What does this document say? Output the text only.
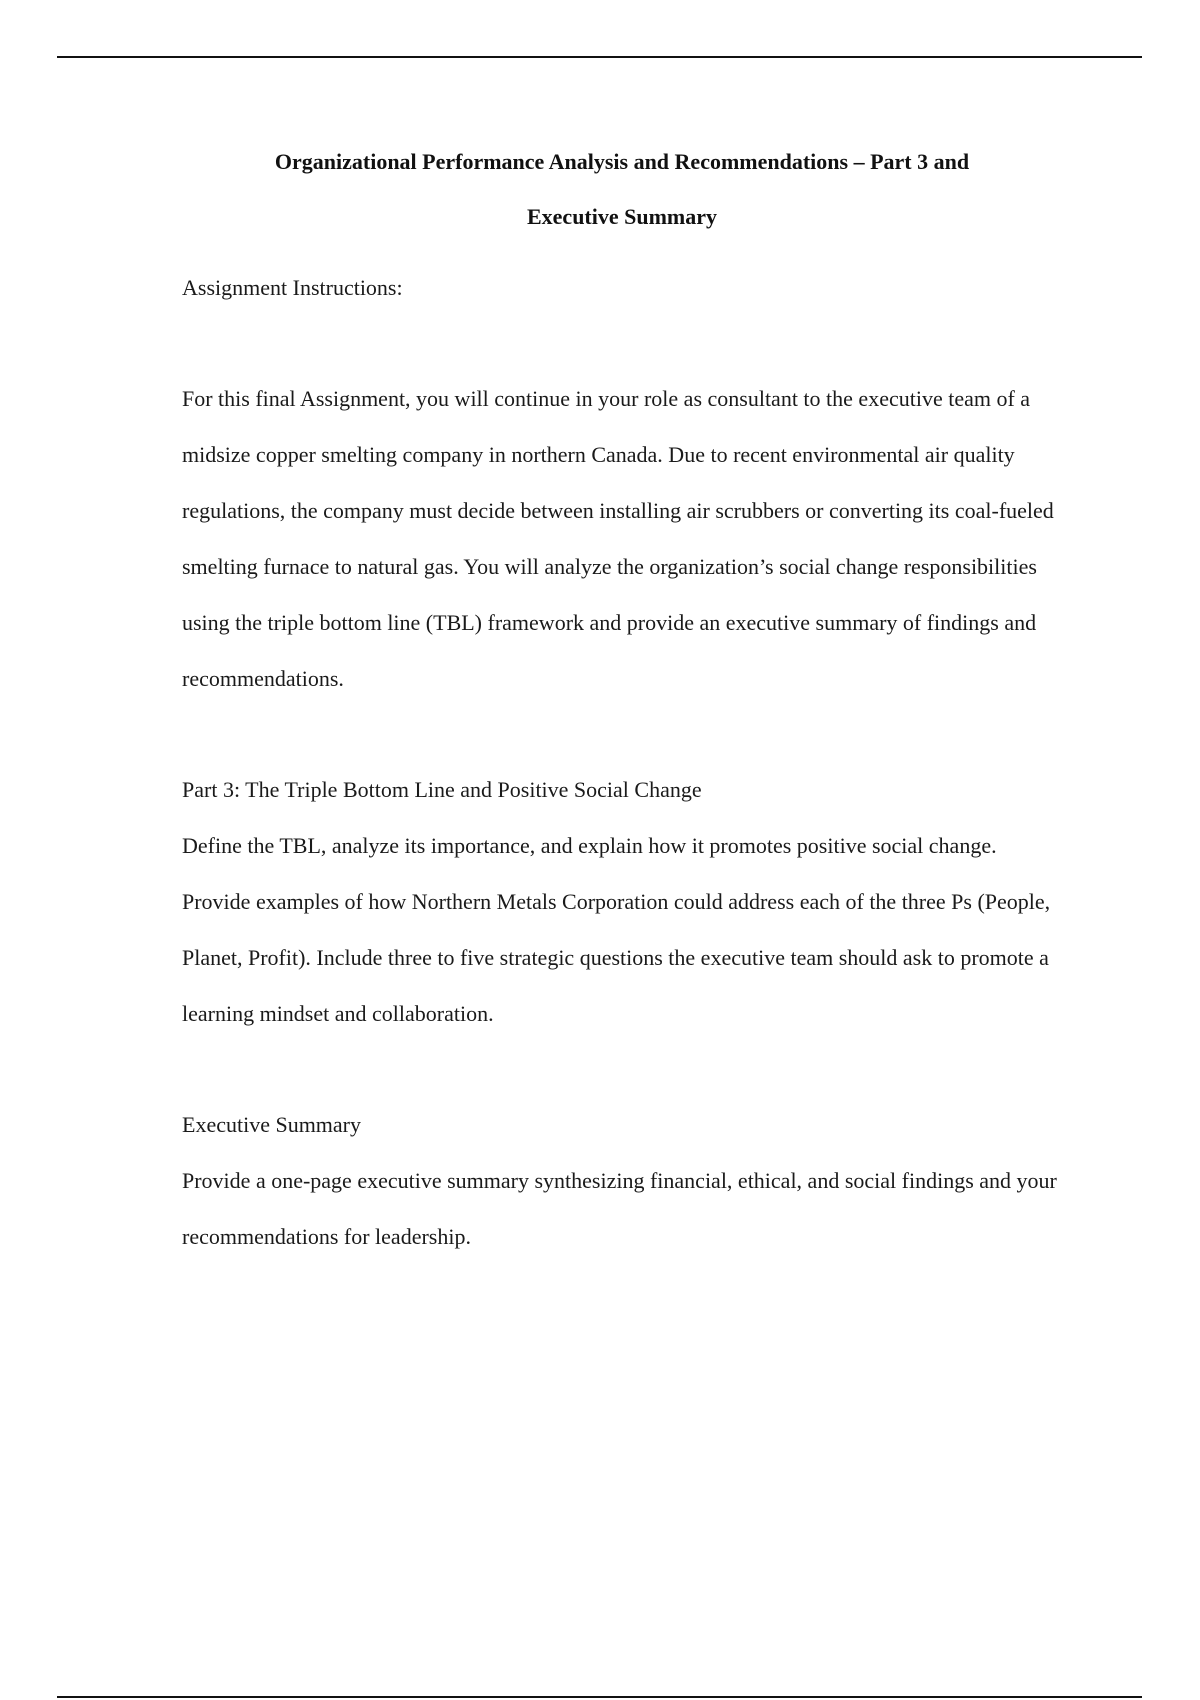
Organizational Performance Analysis and Recommendations – Part 3 and
Executive Summary

Assignment Instructions:

For this final Assignment, you will continue in your role as consultant to the executive team of a midsize copper smelting company in northern Canada. Due to recent environmental air quality regulations, the company must decide between installing air scrubbers or converting its coal-fueled smelting furnace to natural gas. You will analyze the organization’s social change responsibilities using the triple bottom line (TBL) framework and provide an executive summary of findings and recommendations.

Part 3: The Triple Bottom Line and Positive Social Change

Define the TBL, analyze its importance, and explain how it promotes positive social change. Provide examples of how Northern Metals Corporation could address each of the three Ps (People, Planet, Profit). Include three to five strategic questions the executive team should ask to promote a learning mindset and collaboration.

Executive Summary

Provide a one-page executive summary synthesizing financial, ethical, and social findings and your recommendations for leadership.
